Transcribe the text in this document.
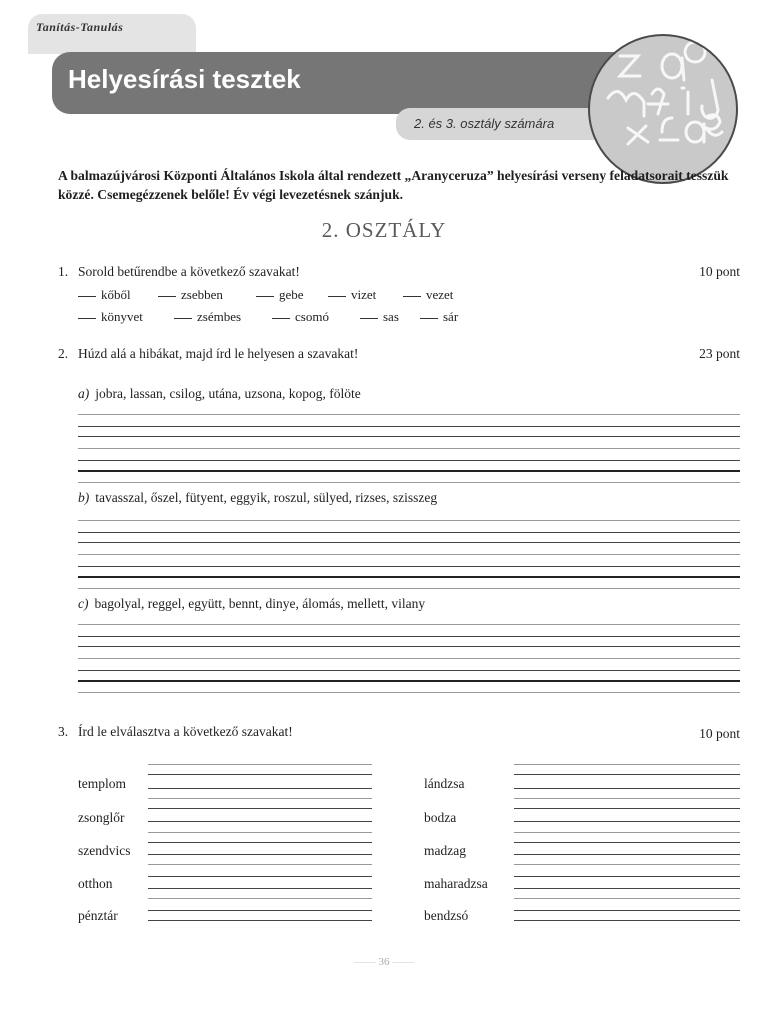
Tanítás-Tanulás
Helyesírási tesztek
2. és 3. osztály számára
A balmazújvárosi Központi Általános Iskola által rendezett „Aranyceruza” helyesírási verseny feladatsorait tesszük közzé. Csemegézzenek belőle! Év végi levezetésnek szánjuk.
2. OSZTÁLY
1. Sorold betűrendbe a következő szavakat!	10 pont
kőből	zsebben	gebe	vizet	vezet
könyvet	zsémbes	csomó	sas	sár
2. Húzd alá a hibákat, majd írd le helyesen a szavakat!	23 pont
a) jobra, lassan, csilog, utána, uzsona, kopog, fölöte
b) tavasszal, őszel, fütyent, eggyik, roszul, sülyed, rizses, szisszeg
c) bagolyal, reggel, együtt, bennt, dinye, álomás, mellett, vilany
3. Írd le elválasztva a következő szavakat!	10 pont
templom
zsonglőr
szendvics
otthon
pénztár
lándzsa
bodza
madzag
maharadzsa
bendzsó
—— 36 ——
